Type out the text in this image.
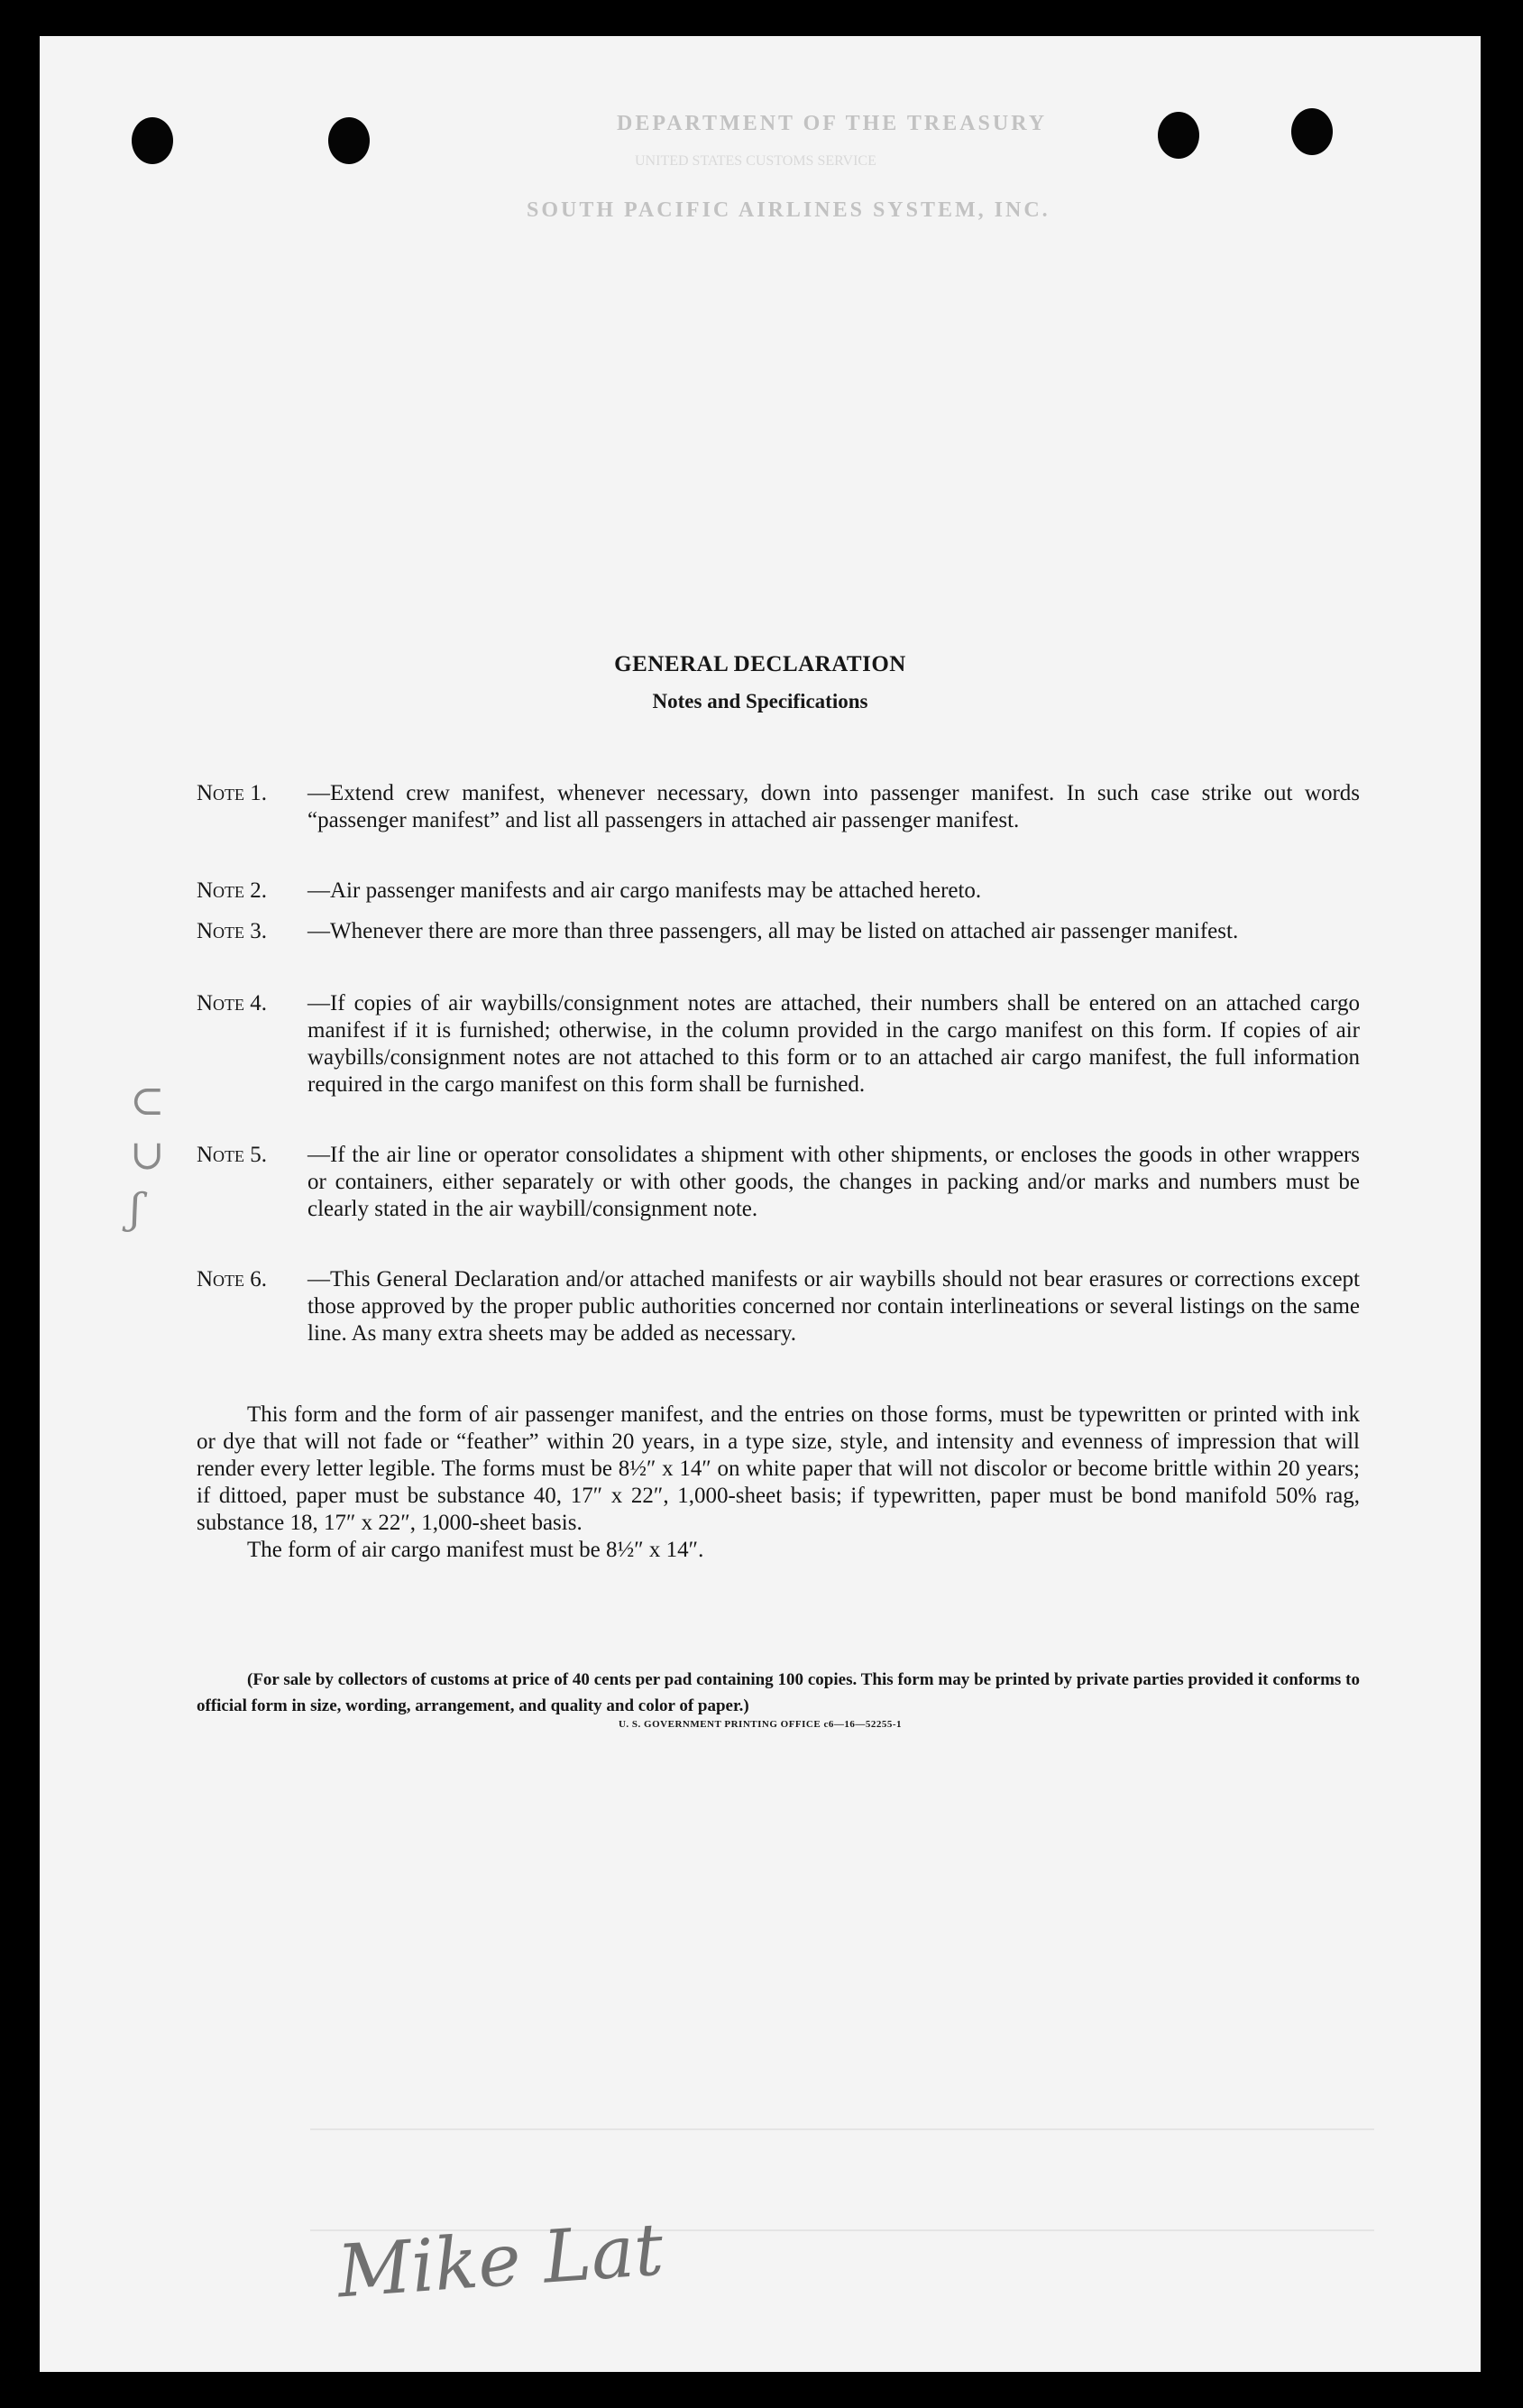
DEPARTMENT OF THE TREASURY
UNITED STATES CUSTOMS SERVICE
SOUTH PACIFIC AIRLINES SYSTEM, INC.
GENERAL DECLARATION
Notes and Specifications
Note 1. —Extend crew manifest, whenever necessary, down into passenger manifest. In such case strike out words “passenger manifest” and list all passengers in attached air passenger manifest.
Note 2. —Air passenger manifests and air cargo manifests may be attached hereto.
Note 3. —Whenever there are more than three passengers, all may be listed on attached air passenger manifest.
Note 4. —If copies of air waybills/consignment notes are attached, their numbers shall be entered on an attached cargo manifest if it is furnished; otherwise, in the column provided in the cargo manifest on this form. If copies of air waybills/consignment notes are not attached to this form or to an attached air cargo manifest, the full information required in the cargo manifest on this form shall be furnished.
Note 5. —If the air line or operator consolidates a shipment with other shipments, or encloses the goods in other wrappers or containers, either separately or with other goods, the changes in packing and/or marks and numbers must be clearly stated in the air waybill/consignment note.
Note 6. —This General Declaration and/or attached manifests or air waybills should not bear erasures or corrections except those approved by the proper public authorities concerned nor contain interlineations or several listings on the same line. As many extra sheets may be added as necessary.

This form and the form of air passenger manifest, and the entries on those forms, must be typewritten or printed with ink or dye that will not fade or “feather” within 20 years, in a type size, style, and intensity and evenness of impression that will render every letter legible. The forms must be 8½″ x 14″ on white paper that will not discolor or become brittle within 20 years; if dittoed, paper must be substance 40, 17″ x 22″, 1,000-sheet basis; if typewritten, paper must be bond manifold 50% rag, substance 18, 17″ x 22″, 1,000-sheet basis.

The form of air cargo manifest must be 8½″ x 14″.

(For sale by collectors of customs at price of 40 cents per pad containing 100 copies. This form may be printed by private parties provided it conforms to official form in size, wording, arrangement, and quality and color of paper.)

U. S. GOVERNMENT PRINTING OFFICE c6—16—52255-1
Mike Lat
⊂
∪
ʃ
